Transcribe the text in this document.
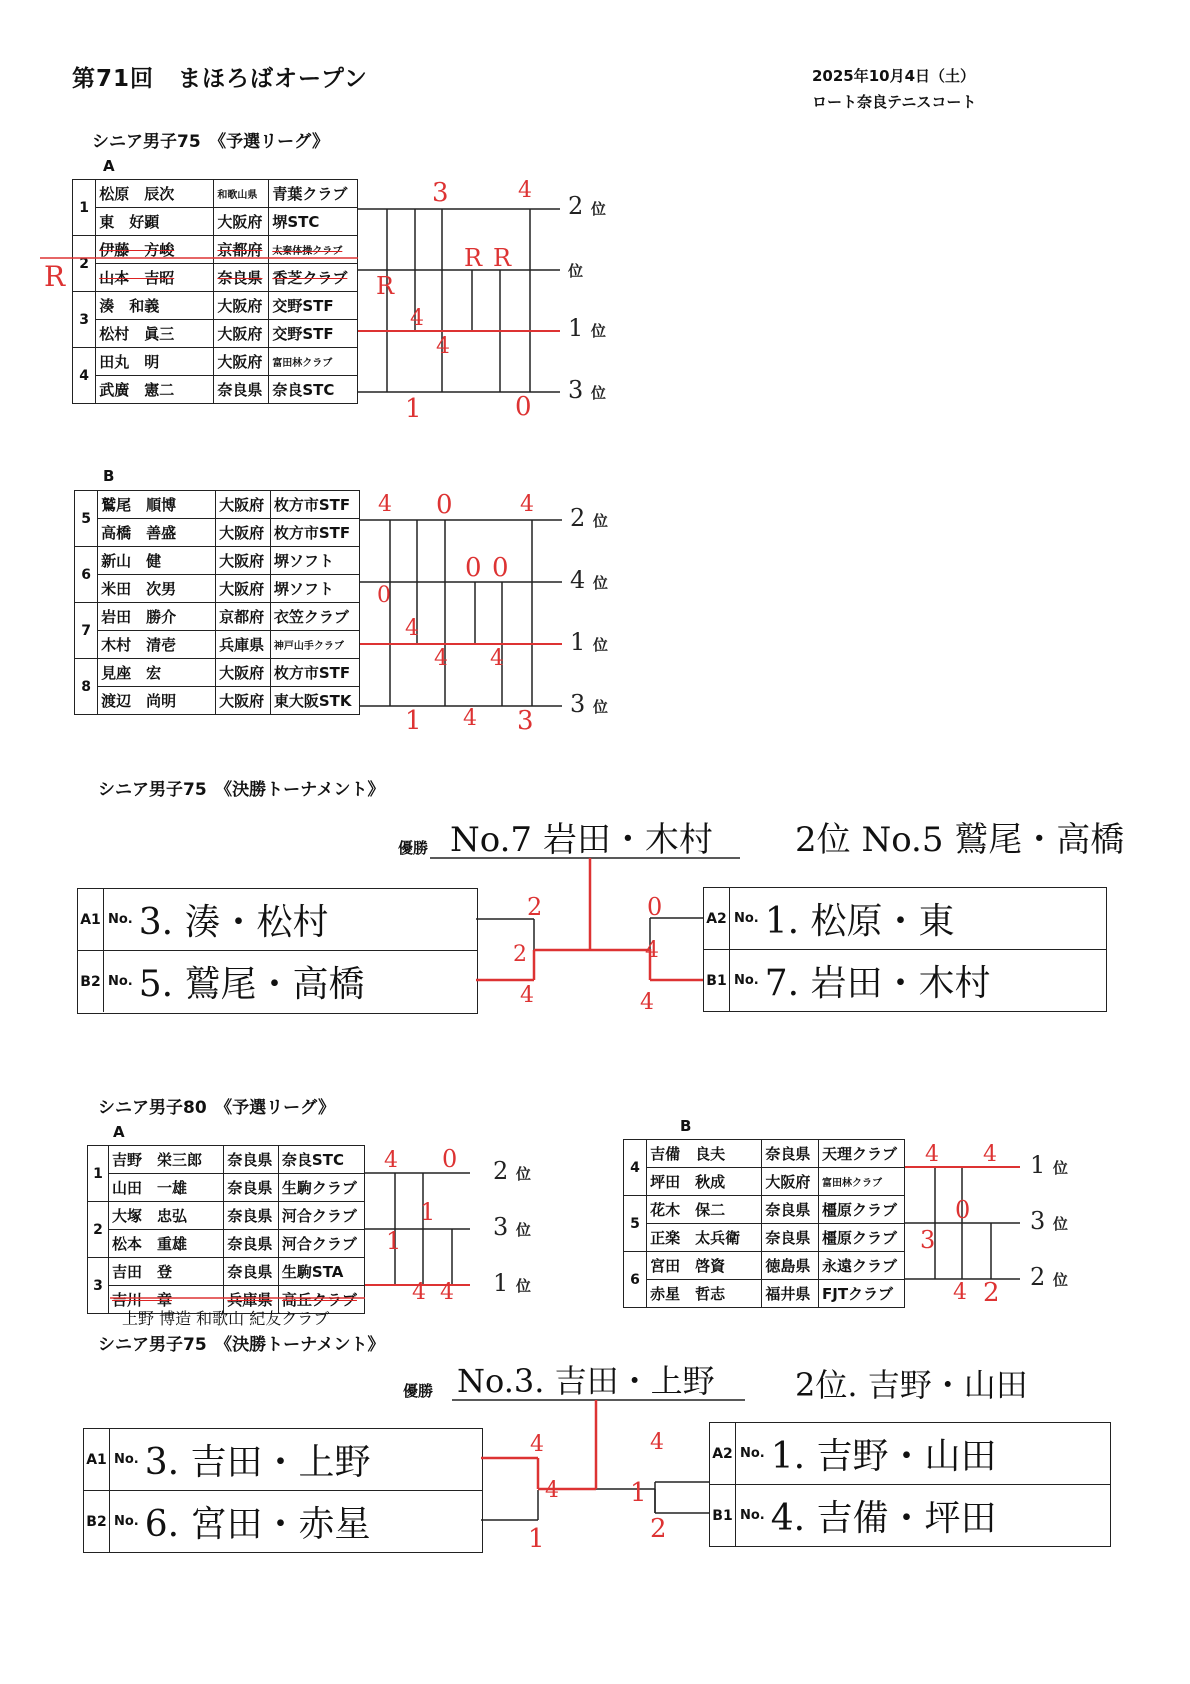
第71回　まほろばオープン	2025年10月4日（土）
ロート奈良テニスコート
シニア男子75　《予選リーグ》
A
1	松原　辰次	和歌山県	青葉クラブ
	東　好顕	大阪府	堺STC
2	伊藤　方峻	京都府	太秦体操クラブ
	山本　吉昭	奈良県	香芝クラブ
3	湊　和義	大阪府	交野STF
	松村　眞三	大阪府	交野STF
4	田丸　明	大阪府	富田林クラブ
	武廣　憲二	奈良県	奈良STC
B
5	鷲尾　順博	大阪府	枚方市STF
	高橋　善盛	大阪府	枚方市STF
6	新山　健	大阪府	堺ソフト
	米田　次男	大阪府	堺ソフト
7	岩田　勝介	京都府	衣笠クラブ
	木村　清壱	兵庫県	神戸山手クラブ
8	見座　宏	大阪府	枚方市STF
	渡辺　尚明	大阪府	東大阪STK
シニア男子80　《予選リーグ》
A
1	吉野　栄三郎	奈良県	奈良STC
	山田　一雄	奈良県	生駒クラブ
2	大塚　忠弘	奈良県	河合クラブ
	松本　重雄	奈良県	河合クラブ
3	吉田　登	奈良県	生駒STA
	吉川　章	兵庫県	高丘クラブ
上野 博造 和歌山 紀友クラブ
B
4	吉備　良夫	奈良県	天理クラブ
	坪田　秋成	大阪府	富田林クラブ
5	花木　保二	奈良県	橿原クラブ
	正楽　太兵衛	奈良県	橿原クラブ
6	宮田　啓資	徳島県	永遠クラブ
	赤星　哲志	福井県	FJTクラブ
シニア男子75　《決勝トーナメント》
優勝 No.7 岩田・木村 2位 No.5 鷲尾・高橋
A1 No. 3. 湊・松村
B2 No. 5. 鷲尾・高橋
A2 No. 1. 松原・東
B1 No. 7. 岩田・木村
シニア男子75　《決勝トーナメント》
優勝 No.3. 吉田・上野	2位. 吉野・山田
A1 No. 3. 吉田・上野
B2 No. 6. 宮田・赤星
A2 No. 1. 吉野・山田
B1 No. 4. 吉備・坪田
2 位
位
1 位
3 位
2 位
4 位
1 位
3 位
2 位
3 位
1 位
1 位
3 位
2 位
R
3	4
R R
R
4
4
1	0
4 0	4
0 0
0
4
4 4
1 4 3
2
2
4
0
4
4
4 0
1
1
4 4
4 4
0
3
4 2
4
4
1
4
1
2
